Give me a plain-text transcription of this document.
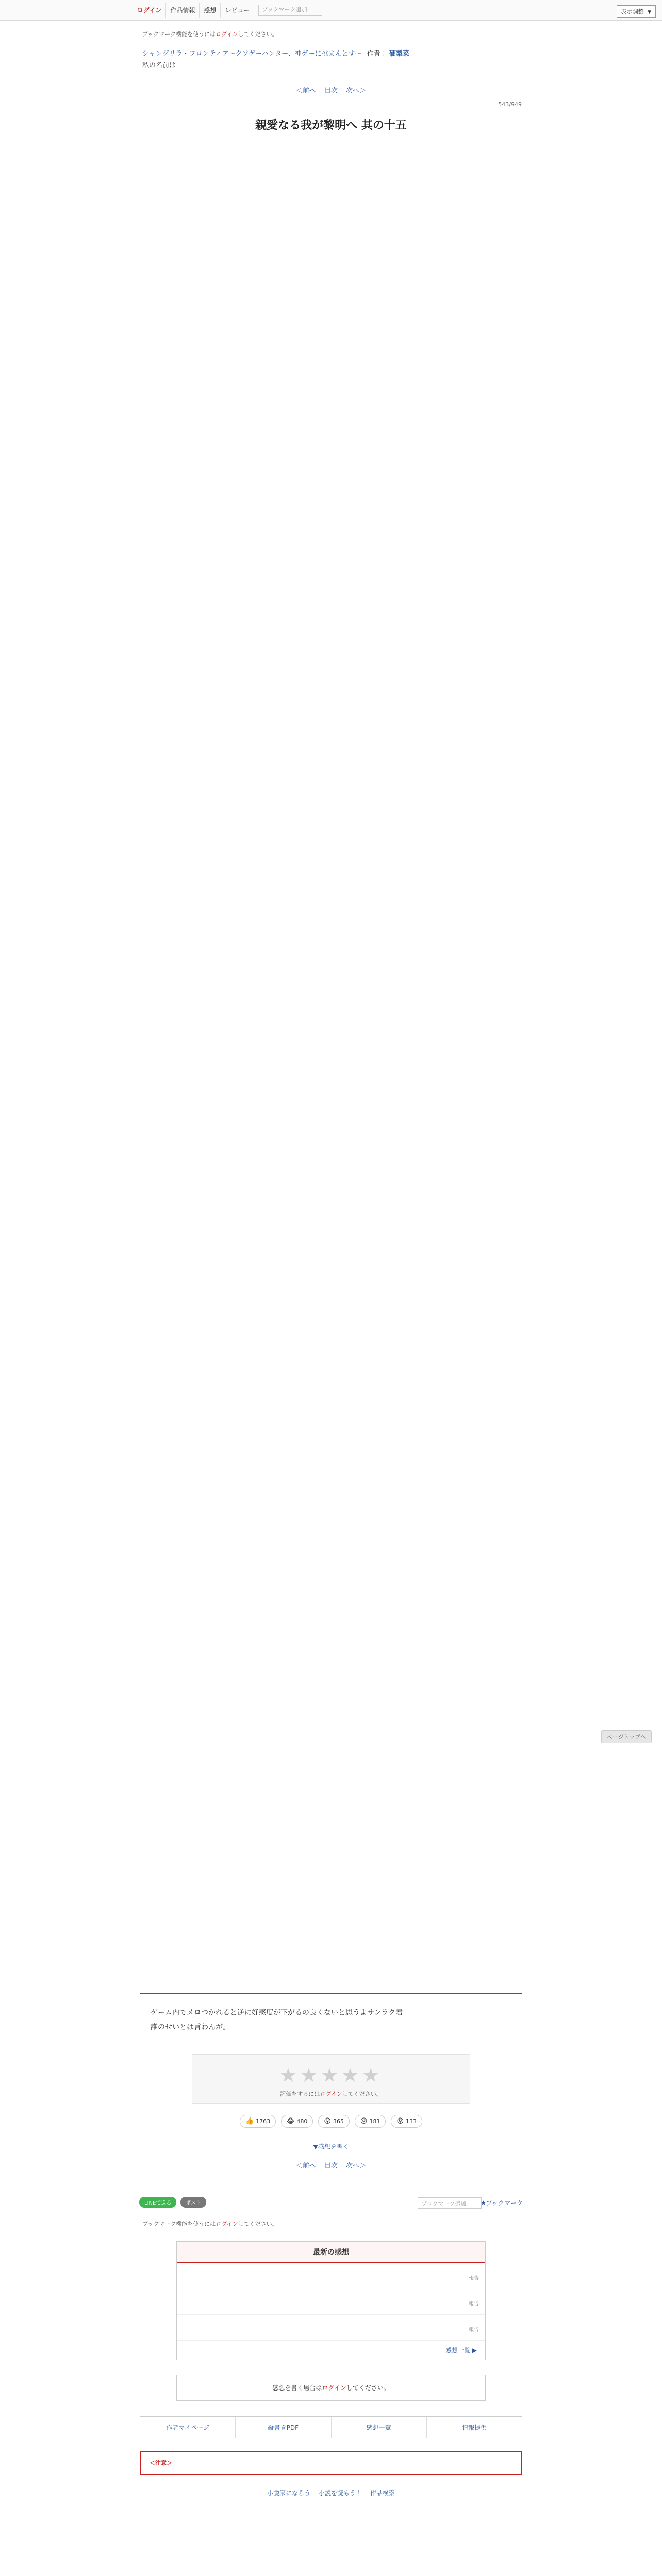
ログイン	作品情報	感想	レビュー	ブックマーク追加	表示調整 ▼
ブックマーク機能を使うにはログインしてください。
シャングリラ・フロンティア〜クソゲーハンター、神ゲーに挑まんとす〜 作者： 硬梨菜
私の名前は
＜前へ 目次 次へ＞
543/949
親愛なる我が黎明へ 其の十五
ゲーム内でメロつかれると逆に好感度が下がるの良くないと思うよサンラク君
誰のせいとは言わんが。
★★★★★
評価をするにはログインしてください。
👍 1763 😂 480 😮 365 😢 181 😡 133
▼感想を書く
＜前へ 目次 次へ＞
LINEで送る	ポスト	ブックマーク追加	★ブックマーク
ブックマーク機能を使うにはログインしてください。
最新の感想
報告
報告
報告
感想一覧 ▶
感想を書く場合はログインしてください。
作者マイページ	縦書きPDF	感想一覧	情報提供
＜注意＞
小説家になろう 小説を読もう！ 作品検索
ページトップへ
